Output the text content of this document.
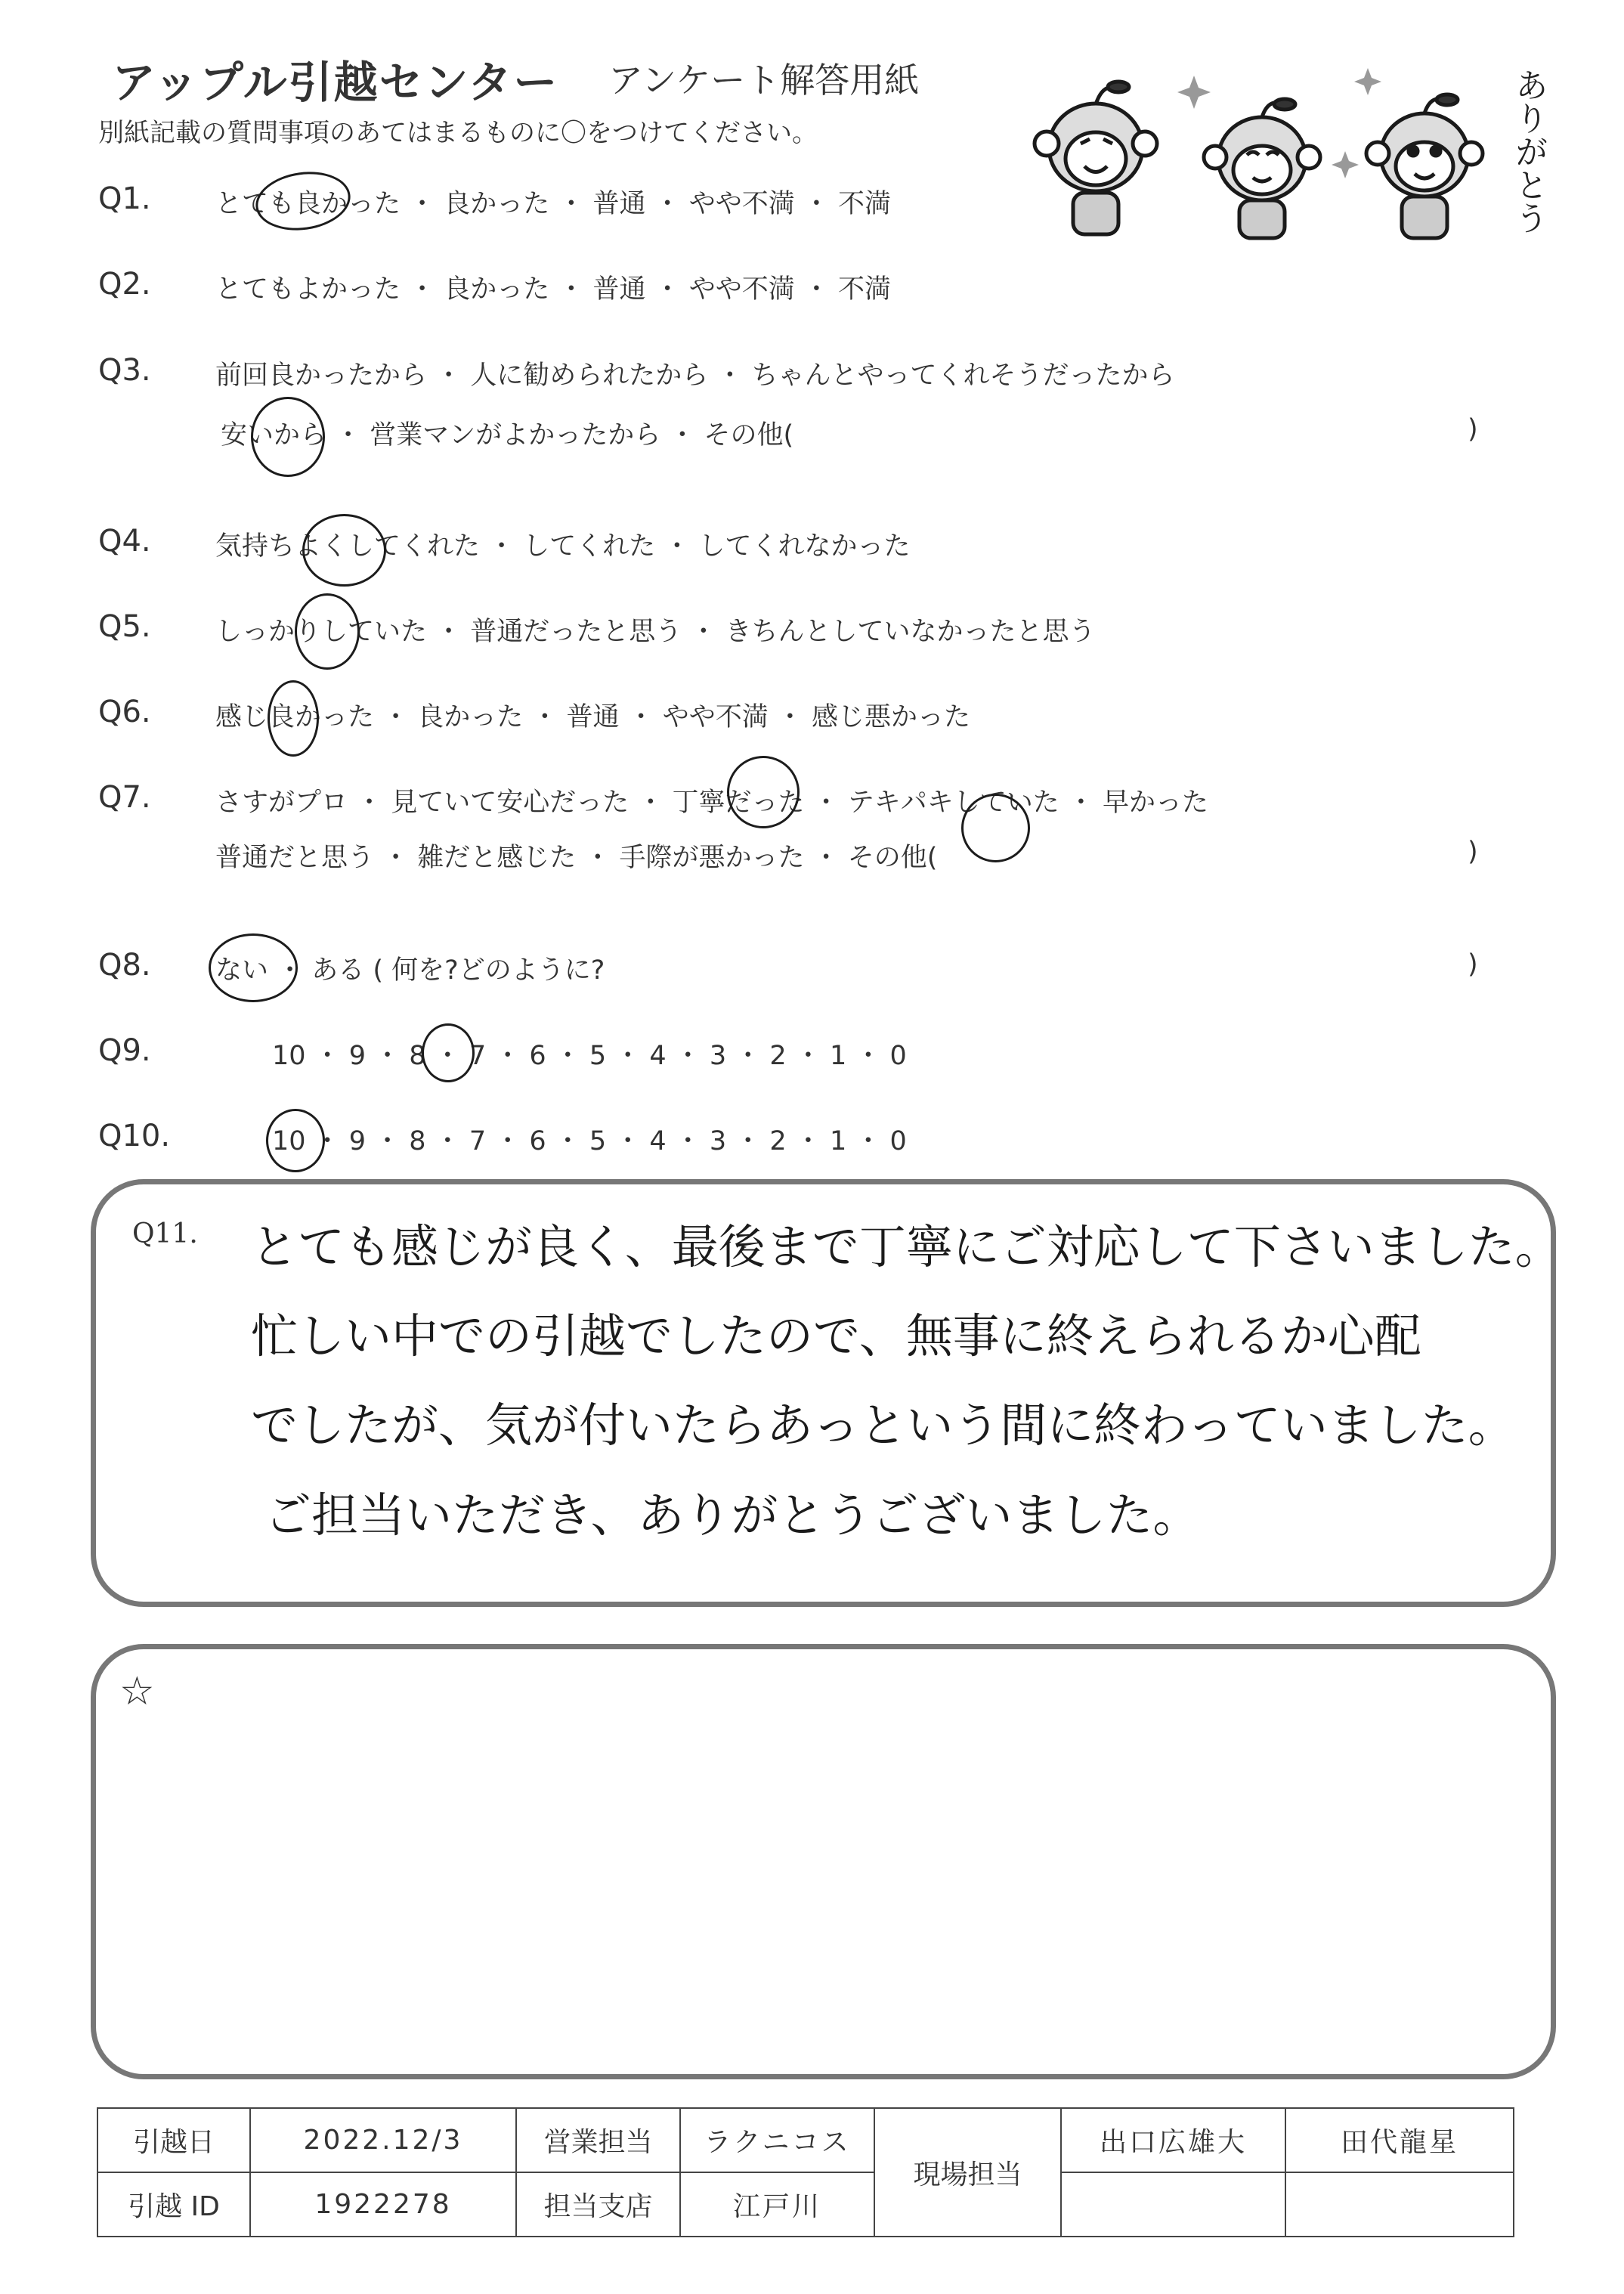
アップル引越センター アンケート解答用紙
別紙記載の質問事項のあてはまるものに〇をつけてください。	ありがとう
Q1. とても良かった ・ 良かった ・ 普通 ・ やや不満 ・ 不満
Q2. とてもよかった ・ 良かった ・ 普通 ・ やや不満 ・ 不満
Q3. 前回良かったから ・ 人に勧められたから ・ ちゃんとやってくれそうだったから
安いから ・ 営業マンがよかったから ・ その他(	)
Q4. 気持ちよくしてくれた ・ してくれた ・ してくれなかった
Q5. しっかりしていた ・ 普通だったと思う ・ きちんとしていなかったと思う
Q6. 感じ良かった ・ 良かった ・ 普通 ・ やや不満 ・ 感じ悪かった
Q7. さすがプロ ・ 見ていて安心だった ・ 丁寧だった ・ テキパキしていた ・ 早かった
普通だと思う ・ 雑だと感じた ・ 手際が悪かった ・ その他(	)
Q8. ない ・ ある ( 何を?どのように?	)
Q9.	10 ・ 9 ・ 8 ・ 7 ・ 6 ・ 5 ・ 4 ・ 3 ・ 2 ・ 1 ・ 0
Q10.	10 ・ 9 ・ 8 ・ 7 ・ 6 ・ 5 ・ 4 ・ 3 ・ 2 ・ 1 ・ 0
Q11. とても感じが良く、最後まで丁寧にご対応して下さいました。
忙しい中での引越でしたので、無事に終えられるか心配
でしたが、気が付いたらあっという間に終わっていました。
ご担当いただき、ありがとうございました。
☆
引越日	2022.12/3	営業担当	ラクニコス	現場担当	出口広雄大	田代龍星
引越 ID	1922278	担当支店	江戸川			
